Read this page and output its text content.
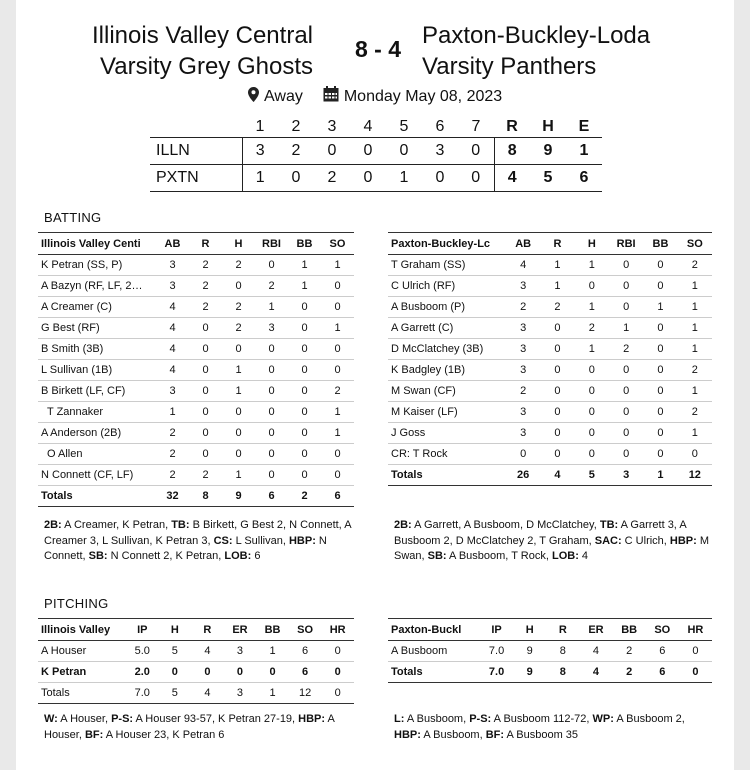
Illinois Valley Central
Varsity Grey Ghosts
8 - 4 Paxton-Buckley-Loda
Varsity Panthers
Away	Monday May 08, 2023
	1	2	3	4	5	6	7	R	H	E
ILLN	3	2	0	0	0	3	0	8	9	1
PXTN	1	0	2	0	1	0	0	4	5	6
BATTING
Illinois Valley Centi	AB	R	H	RBI	BB	SO
K Petran (SS, P)	3	2	2	0	1	1
A Bazyn (RF, LF, 2…	3	2	0	2	1	0
A Creamer (C)	4	2	2	1	0	0
G Best (RF)	4	0	2	3	0	1
B Smith (3B)	4	0	0	0	0	0
L Sullivan (1B)	4	0	1	0	0	0
B Birkett (LF, CF)	3	0	1	0	0	2
T Zannaker	1	0	0	0	0	1
A Anderson (2B)	2	0	0	0	0	1
O Allen	2	0	0	0	0	0
N Connett (CF, LF)	2	2	1	0	0	0
Totals	32	8	9	6	2	6
Paxton-Buckley-Lc	AB	R	H	RBI	BB	SO
T Graham (SS)	4	1	1	0	0	2
C Ulrich (RF)	3	1	0	0	0	1
A Busboom (P)	2	2	1	0	1	1
A Garrett (C)	3	0	2	1	0	1
D McClatchey (3B)	3	0	1	2	0	1
K Badgley (1B)	3	0	0	0	0	2
M Swan (CF)	2	0	0	0	0	1
M Kaiser (LF)	3	0	0	0	0	2
J Goss	3	0	0	0	0	1
CR: T Rock	0	0	0	0	0	0
Totals	26	4	5	3	1	12
2B: A Creamer, K Petran, TB: B Birkett, G Best 2, N Connett, A Creamer 3, L Sullivan, K Petran 3, CS: L Sullivan, HBP: N Connett, SB: N Connett 2, K Petran, LOB: 6
2B: A Garrett, A Busboom, D McClatchey, TB: A Garrett 3, A Busboom 2, D McClatchey 2, T Graham, SAC: C Ulrich, HBP: M Swan, SB: A Busboom, T Rock, LOB: 4
PITCHING
Illinois Valley	IP	H	R	ER	BB	SO	HR
A Houser	5.0	5	4	3	1	6	0
K Petran	2.0	0	0	0	0	6	0
Totals	7.0	5	4	3	1	12	0
Paxton-Buckl	IP	H	R	ER	BB	SO	HR
A Busboom	7.0	9	8	4	2	6	0
Totals	7.0	9	8	4	2	6	0
W: A Houser, P-S: A Houser 93-57, K Petran 27-19, HBP: A Houser, BF: A Houser 23, K Petran 6
L: A Busboom, P-S: A Busboom 112-72, WP: A Busboom 2, HBP: A Busboom, BF: A Busboom 35
